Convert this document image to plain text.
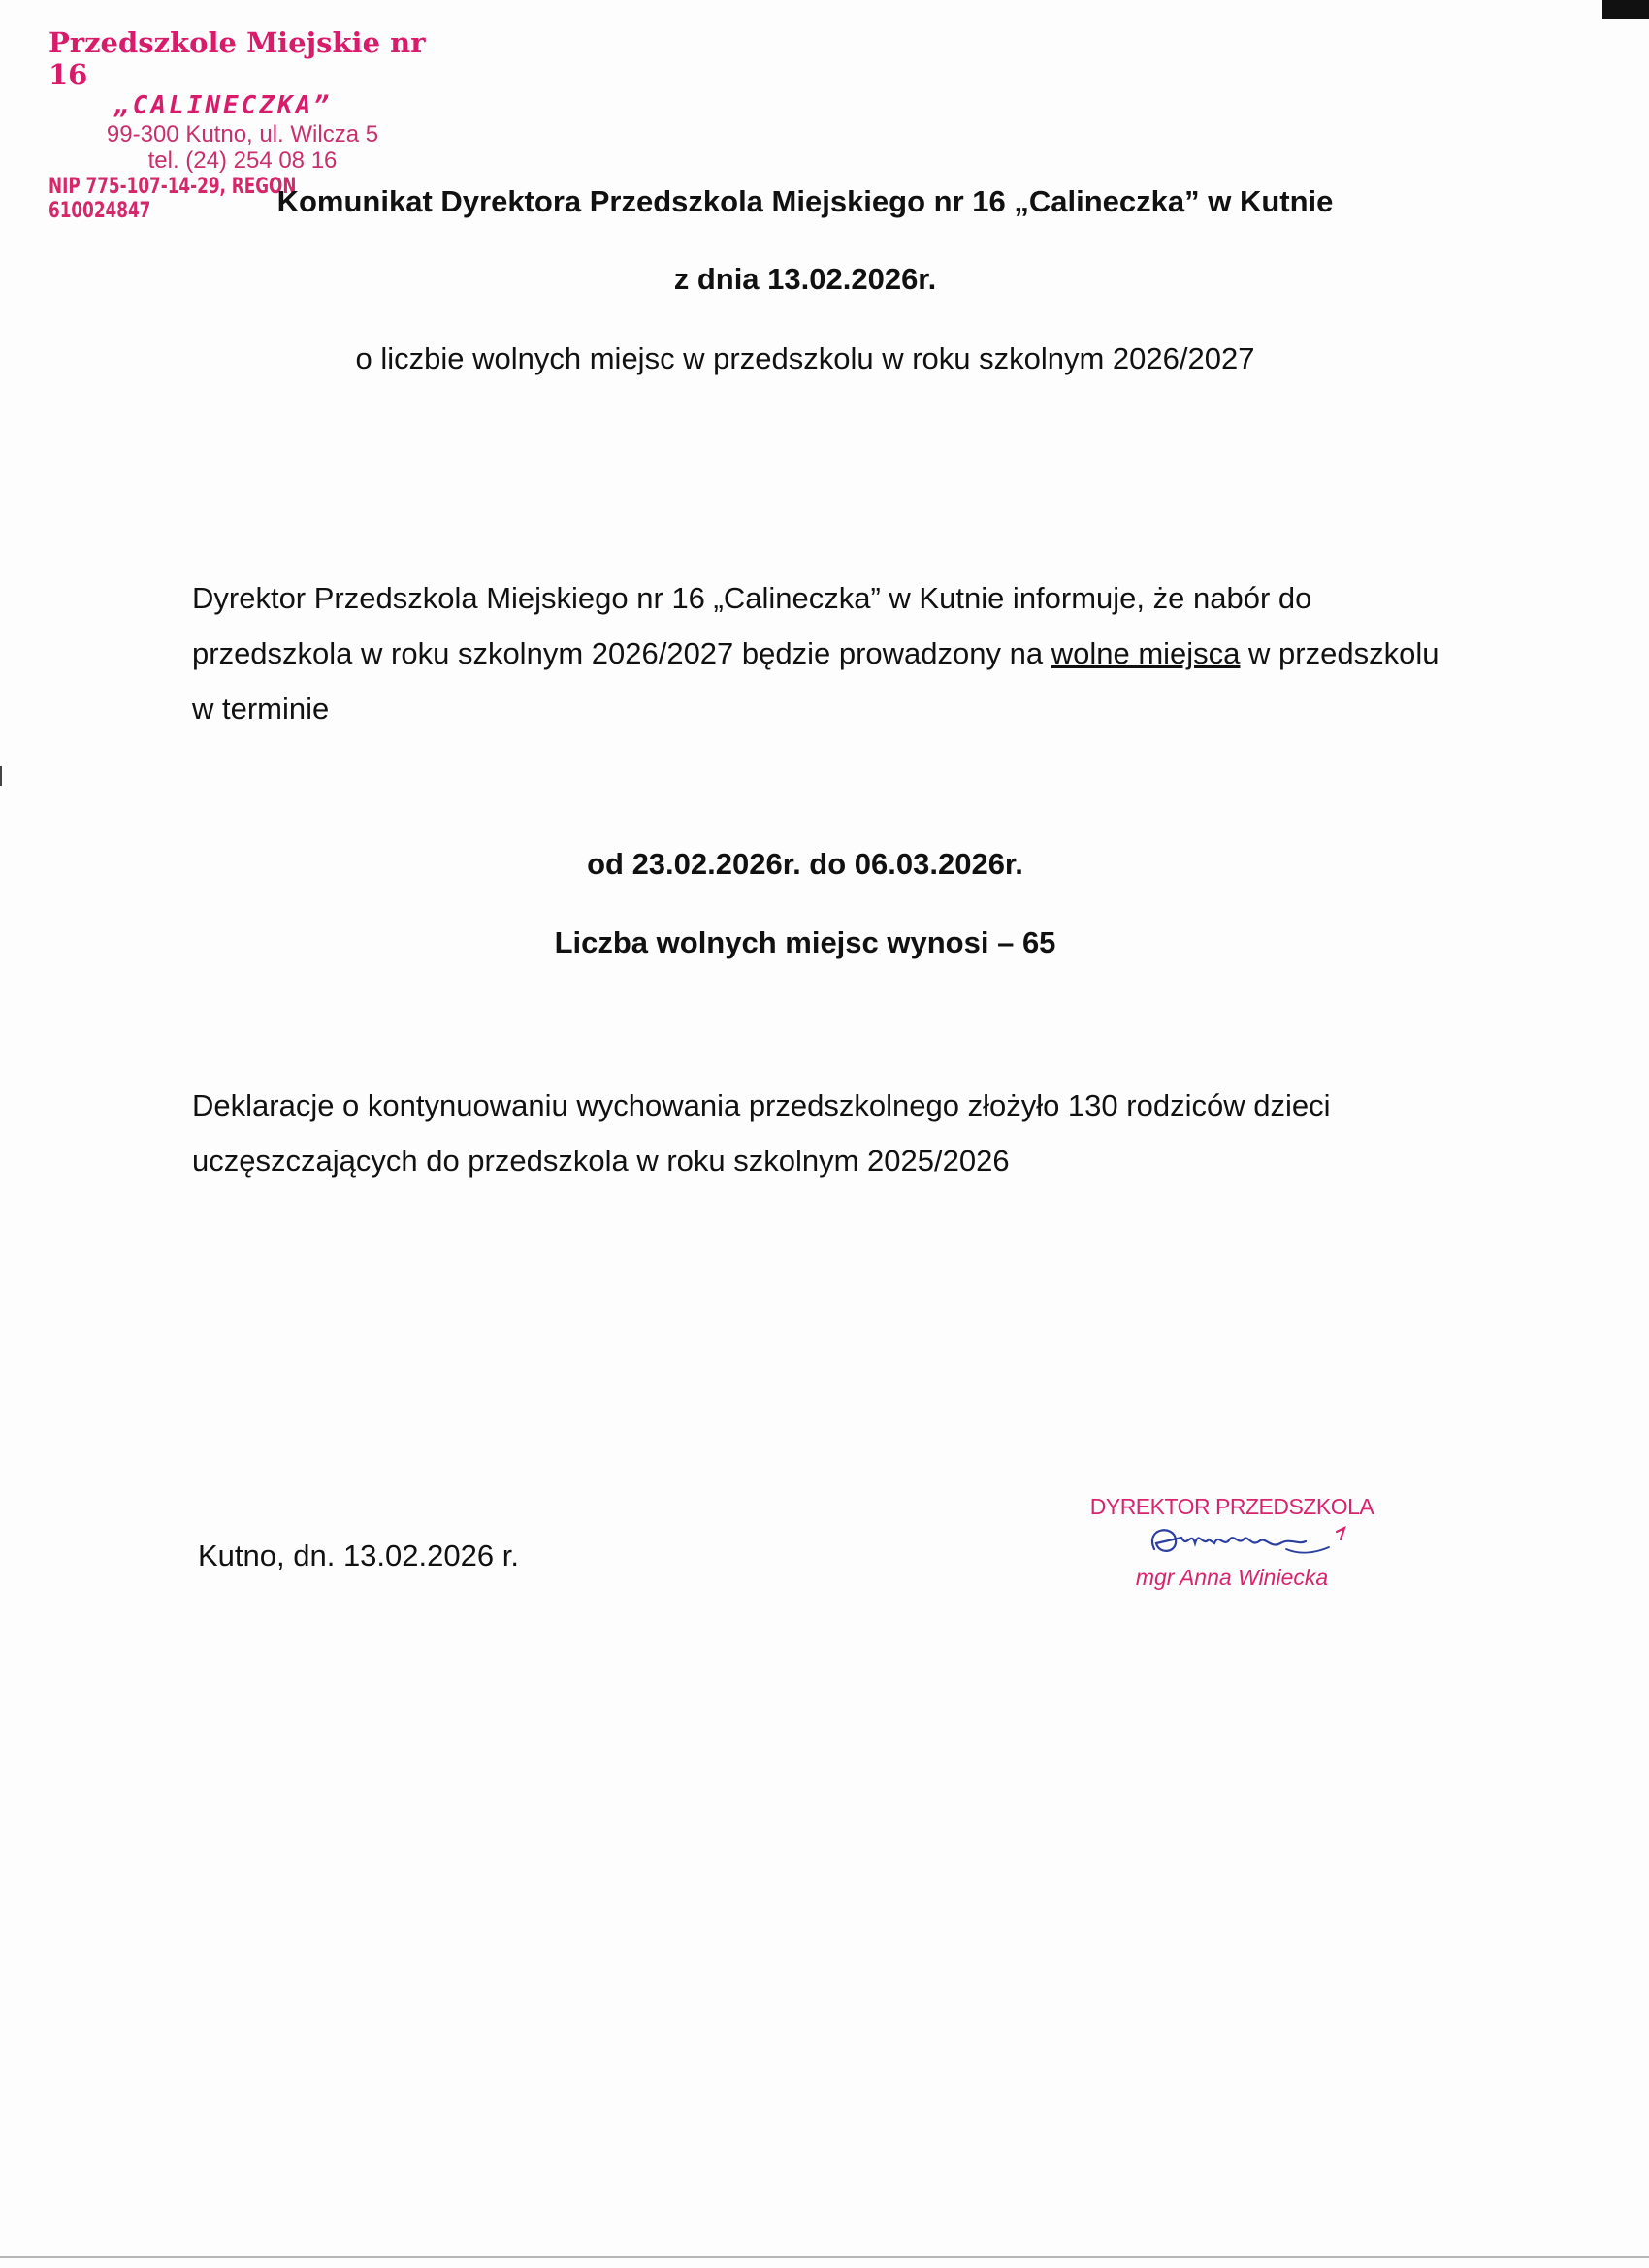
Przedszkole Miejskie nr 16
„CALINECZKA”
99-300 Kutno, ul. Wilcza 5
tel. (24) 254 08 16
NIP 775-107-14-29, REGON 610024847	Komunikat Dyrektora Przedszkola Miejskiego nr 16 „Calineczka” w Kutnie
z dnia 13.02.2026r.
o liczbie wolnych miejsc w przedszkolu w roku szkolnym 2026/2027
Dyrektor Przedszkola Miejskiego nr 16 „Calineczka” w Kutnie informuje, że nabór do przedszkola w roku szkolnym 2026/2027 będzie prowadzony na wolne miejsca w przedszkolu w terminie
od 23.02.2026r. do 06.03.2026r.
Liczba wolnych miejsc wynosi – 65
Deklaracje o kontynuowaniu wychowania przedszkolnego złożyło 130 rodziców dzieci uczęszczających do przedszkola w roku szkolnym 2025/2026
Kutno, dn. 13.02.2026 r.
DYREKTOR PRZEDSZKOLA
mgr Anna Winiecka
